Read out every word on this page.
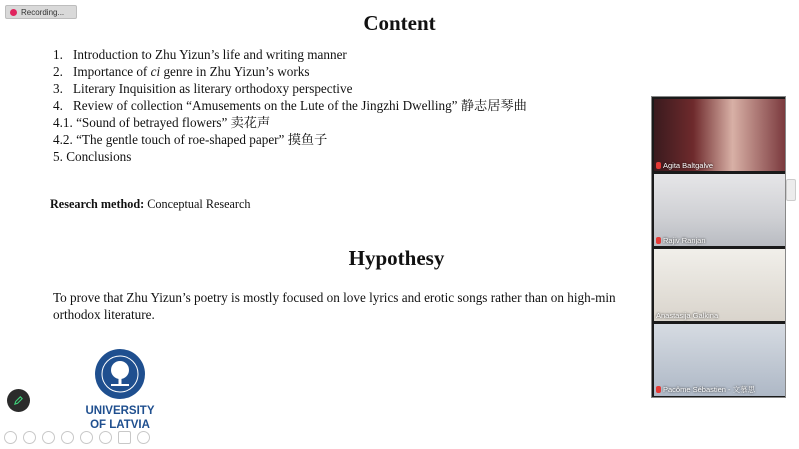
Recording...	Content
1. Introduction to Zhu Yizun’s life and writing manner
2. Importance of ci genre in Zhu Yizun’s works
3. Literary Inquisition as literary orthodoxy perspective
4. Review of collection “Amusements on the Lute of the Jingzhi Dwelling” 静志居琴曲
4.1. “Sound of betrayed flowers” 卖花声
4.2. “The gentle touch of roe-shaped paper” 摸鱼子
5. Conclusions
Research method: Conceptual Research
Hypothesy
To prove that Zhu Yizun’s poetry is mostly focused on love lyrics and erotic songs rather than on high-min
orthodox literature.
UNIVERSITY
OF LATVIA
Agita Baltgalve
Rajiv Ranjan
Anastasija Galkina
Pacôme Sébastien - 文慕思
